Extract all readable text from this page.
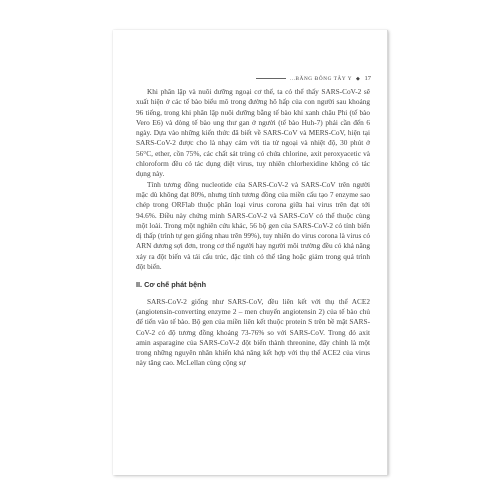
...BĂNG ĐÔNG TÂY Y ◆ 17

Khi phân lập và nuôi dưỡng ngoại cơ thể, ta có thể thấy SARS-CoV-2 sẽ xuất hiện ở các tế bào biểu mô trong đường hô hấp của con người sau khoảng 96 tiếng, trong khi phân lập nuôi dưỡng bằng tế bào khỉ xanh châu Phi (tế bào Vero E6) và dòng tế bào ung thư gan ở người (tế bào Huh-7) phải cần đến 6 ngày. Dựa vào những kiến thức đã biết về SARS-CoV và MERS-CoV, hiện tại SARS-CoV-2 được cho là nhạy cảm với tia tử ngoại và nhiệt độ, 30 phút ở 56°C, ether, cồn 75%, các chất sát trùng có chứa chlorine, axit peroxyacetic và chloroform đều có tác dụng diệt virus, tuy nhiên chlorhexidine không có tác dụng này.

Tính tương đồng nucleotide của SARS-CoV-2 và SARS-CoV trên người mặc dù không đạt 80%, nhưng tính tương đồng của miền cấu tạo 7 enzyme sao chép trong ORFlab thuộc phân loại virus corona giữa hai virus trên đạt tới 94.6%. Điều này chứng minh SARS-CoV-2 và SARS-CoV có thể thuộc cùng một loài. Trong một nghiên cứu khác, 56 bộ gen của SARS-CoV-2 có tính biến dị thấp (trình tự gen giống nhau trên 99%), tuy nhiên do virus corona là virus có ARN dương sợi đơn, trong cơ thể người hay người môi trường đều có khả năng xảy ra đột biến và tái cấu trúc, đặc tính có thể tăng hoặc giảm trong quá trình đột biến.

II. Cơ chế phát bệnh

SARS-CoV-2 giống như SARS-CoV, đều liên kết với thụ thể ACE2 (angiotensin-converting enzyme 2 – men chuyển angiotensin 2) của tế bào chủ để tiến vào tế bào. Bộ gen của miền liên kết thuộc protein S trên bề mặt SARS-CoV-2 có độ tương đồng khoảng 73-76% so với SARS-CoV. Trong đó axit amin asparagine của SARS-CoV-2 đột biến thành threonine, đây chính là một trong những nguyên nhân khiến khả năng kết hợp với thụ thể ACE2 của virus này tăng cao. McLellan cùng cộng sự
